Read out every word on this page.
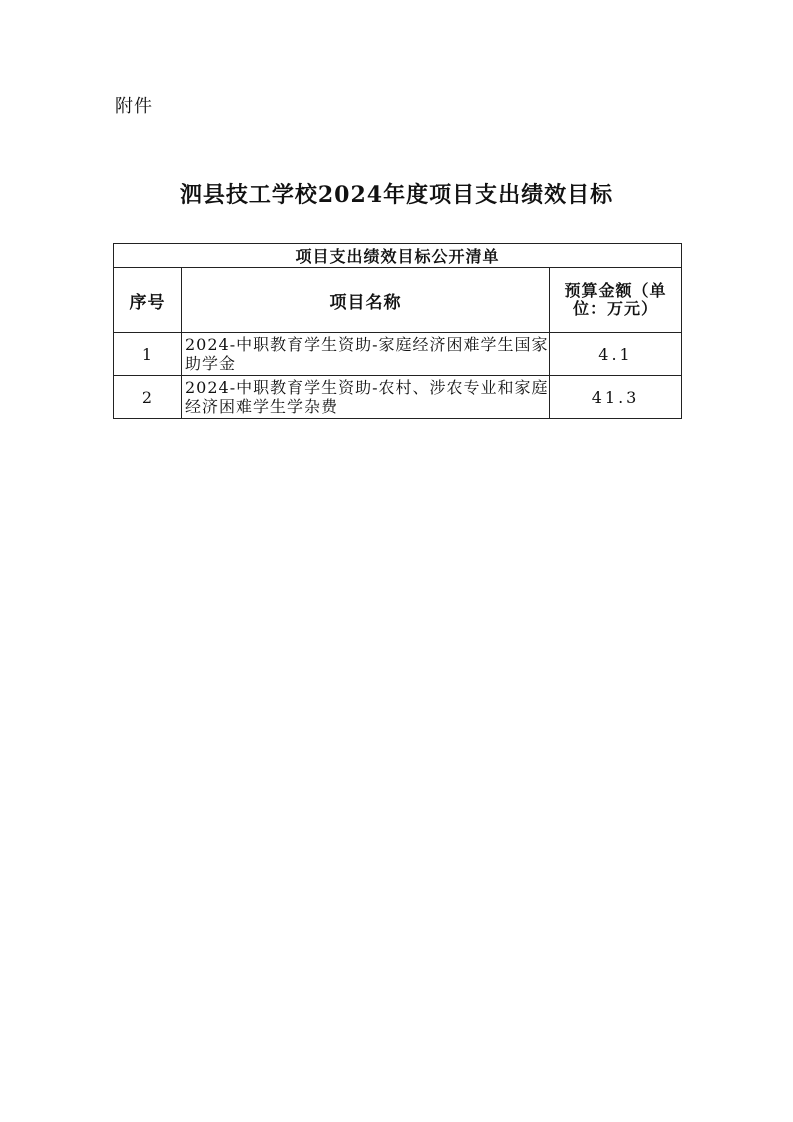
附件
泗县技工学校2024年度项目支出绩效目标
项目支出绩效目标公开清单		
序号	项目名称	预算金额（单位：万元）
1	2024-中职教育学生资助-家庭经济困难学生国家助学金	4.1
2	2024-中职教育学生资助-农村、涉农专业和家庭经济困难学生学杂费	41.3
